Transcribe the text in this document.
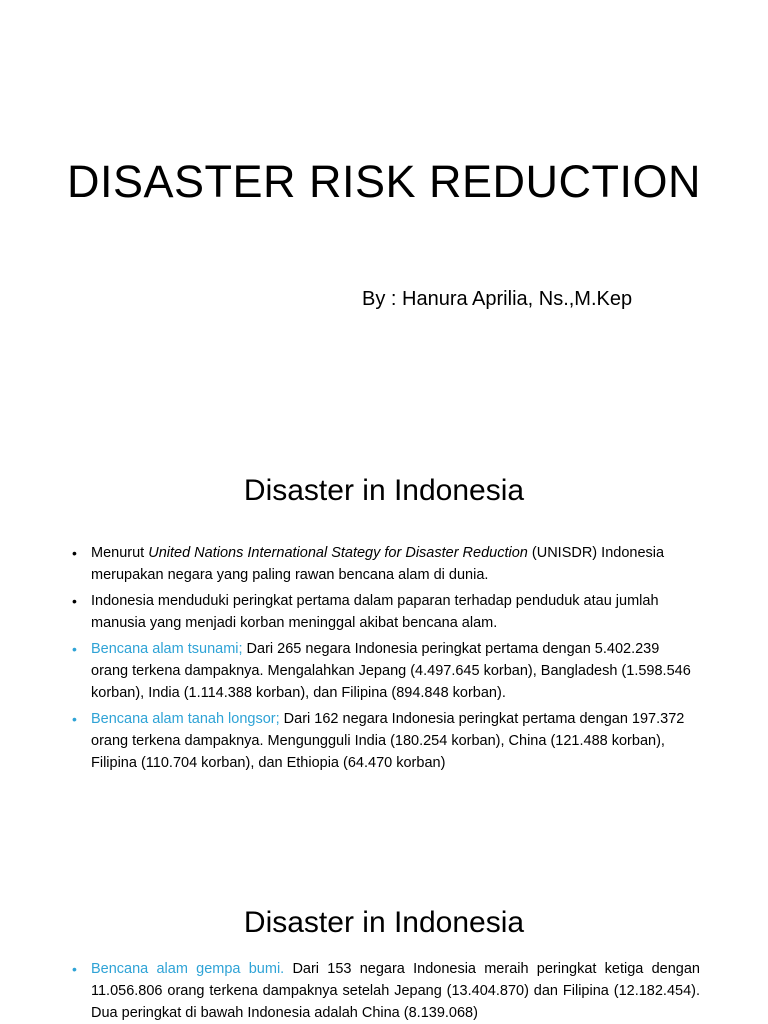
DISASTER RISK REDUCTION
By : Hanura Aprilia, Ns.,M.Kep
Disaster in Indonesia
• Menurut United Nations International Stategy for Disaster Reduction (UNISDR) Indonesia merupakan negara yang paling rawan bencana alam di dunia.
• Indonesia menduduki peringkat pertama dalam paparan terhadap penduduk atau jumlah manusia yang menjadi korban meninggal akibat bencana alam.
• Bencana alam tsunami; Dari 265 negara Indonesia peringkat pertama dengan 5.402.239 orang terkena dampaknya. Mengalahkan Jepang (4.497.645 korban), Bangladesh (1.598.546 korban), India (1.114.388 korban), dan Filipina (894.848 korban).
• Bencana alam tanah longsor; Dari 162 negara Indonesia peringkat pertama dengan 197.372 orang terkena dampaknya. Mengungguli India (180.254 korban), China (121.488 korban), Filipina (110.704 korban), dan Ethiopia (64.470 korban)
Disaster in Indonesia
• Bencana alam gempa bumi. Dari 153 negara Indonesia meraih peringkat ketiga dengan 11.056.806 orang terkena dampaknya setelah Jepang (13.404.870) dan Filipina (12.182.454). Dua peringkat di bawah Indonesia adalah China (8.139.068)
